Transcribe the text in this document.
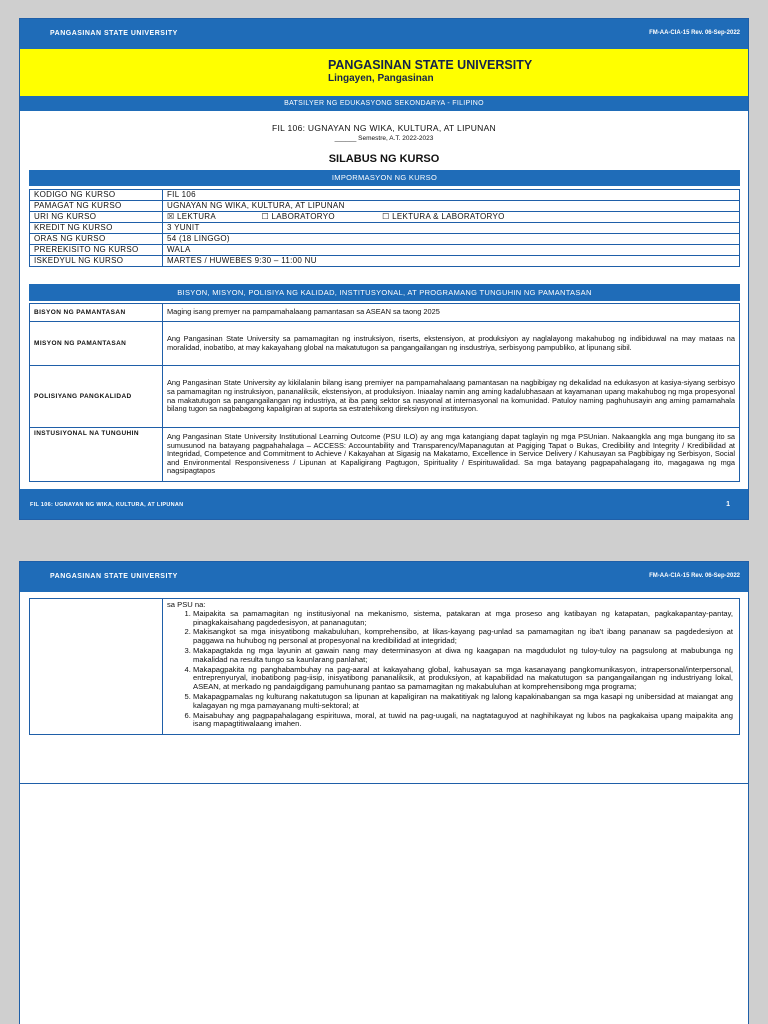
PANGASINAN STATE UNIVERSITY	FM-AA-CIA-15 Rev. 06-Sep-2022
PANGASINAN STATE UNIVERSITY
Lingayen, Pangasinan
BATSILYER NG EDUKASYONG SEKONDARYA - FILIPINO
FIL 106: UGNAYAN NG WIKA, KULTURA, AT LIPUNAN
______ Semestre, A.T. 2022-2023
SILABUS NG KURSO
IMPORMASYON NG KURSO
KODIGO NG KURSO	FIL 106
PAMAGAT NG KURSO	UGNAYAN NG WIKA, KULTURA, AT LIPUNAN
URI NG KURSO	☒ LEKTURA ☐ LABORATORYO ☐ LEKTURA & LABORATORYO
KREDIT NG KURSO	3 YUNIT
ORAS NG KURSO	54 (18 LINGGO)
PREREKISITO NG KURSO	WALA
ISKEDYUL NG KURSO	MARTES / HUWEBES 9:30 – 11:00 NU
BISYON, MISYON, POLISIYA NG KALIDAD, INSTITUSYONAL, AT PROGRAMANG TUNGUHIN NG PAMANTASAN
BISYON NG PAMANTASAN	Maging isang premyer na pampamahalaang pamantasan sa ASEAN sa taong 2025
MISYON NG PAMANTASAN	Ang Pangasinan State University sa pamamagitan ng instruksiyon, riserts, ekstensiyon, at produksiyon ay naglalayong makahubog ng indibiduwal na may mataas na moralidad, inobatibo, at may kakayahang global na makatutugon sa pangangailangan ng insdustriya, serbisyong pampubliko, at lipunang sibil.
POLISIYANG PANGKALIDAD	Ang Pangasinan State University ay kikilalanin bilang isang premiyer na pampamahalaang pamantasan na nagbibigay ng dekalidad na edukasyon at kasiya-siyang serbisyo sa pamamagitan ng instruksiyon, pananaliksik, ekstensiyon, at produksiyon. Iniaalay namin ang aming kadalubhasaan at kayamanan upang makahubog ng mga propesyonal na makatutugon sa pangangailangan ng industriya, at iba pang sektor sa nasyonal at internasyonal na komunidad. Patuloy naming paghuhusayin ang aming pamamahala bilang tugon sa nagbabagong kapaligiran at suporta sa estratehikong direksiyon ng institusyon.
INSTUSIYONAL NA TUNGUHIN	Ang Pangasinan State University Institutional Learning Outcome (PSU ILO) ay ang mga katangiang dapat taglayin ng mga PSUnian. Nakaangkla ang mga bungang ito sa sumusunod na batayang pagpahahalaga – ACCESS: Accountability and Transparency/Mapanagutan at Pagiging Tapat o Bukas, Credibility and Integrity / Kredibilidad at Integridad, Competence and Commitment to Achieve / Kakayahan at Sigasig na Makatamo, Excellence in Service Delivery / Kahusayan sa Pagbibigay ng Serbisyon, Social and Environmental Responsiveness / Lipunan at Kapaligirang Pagtugon, Spirituality / Espirituwalidad. Sa mga batayang pagpapahalagang ito, magagawa ng mga nagsipagtapos
FIL 106: UGNAYAN NG WIKA, KULTURA, AT LIPUNAN	1
PANGASINAN STATE UNIVERSITY	FM-AA-CIA-15 Rev. 06-Sep-2022

sa PSU na:
1. Maipakita sa pamamagitan ng institusiyonal na mekanismo, sistema, patakaran at mga proseso ang katibayan ng katapatan, pagkakapantay-pantay, pinagkakaisahang pagdedesisyon, at pananagutan;
2. Makisangkot sa mga inisyatibong makabuluhan, komprehensibo, at likas-kayang pag-unlad sa pamamagitan ng iba't ibang pananaw sa pagdedesiyon at paggawa na huhubog ng personal at propesyonal na kredibilidad at integridad;
3. Makapagtakda ng mga layunin at gawain nang may determinasyon at diwa ng kaagapan na magdudulot ng tuloy-tuloy na pagsulong at mabubunga ng makalidad na resulta tungo sa kaunlarang panlahat;
4. Makapagpakita ng panghabambuhay na pag-aaral at kakayahang global, kahusayan sa mga kasanayang pangkomunikasyon, intrapersonal/interpersonal, entreprenyuryal, inobatibong pag-iisip, inisyatibong pananaliksik, at produksiyon, at kapabilidad na makatutugon sa pangangailangan ng industriyang lokal, ASEAN, at merkado ng pandaigdigang pamuhunang pantao sa pamamagitan ng makabuluhan at komprehensibong mga programa;
5. Makapagpamalas ng kulturang nakatutugon sa lipunan at kapaligiran na makatitiyak ng lalong kapakinabangan sa mga kasapi ng unibersidad at maiangat ang kalagayan ng mga pamayanang multi-sektoral; at
6. Maisabuhay ang pagpapahalagang espirituwa, moral, at tuwid na pag-uugali, na nagtataguyod at naghihikayat ng lubos na pagkakaisa upang maipakita ang isang mapagtitiwalaang imahen.
